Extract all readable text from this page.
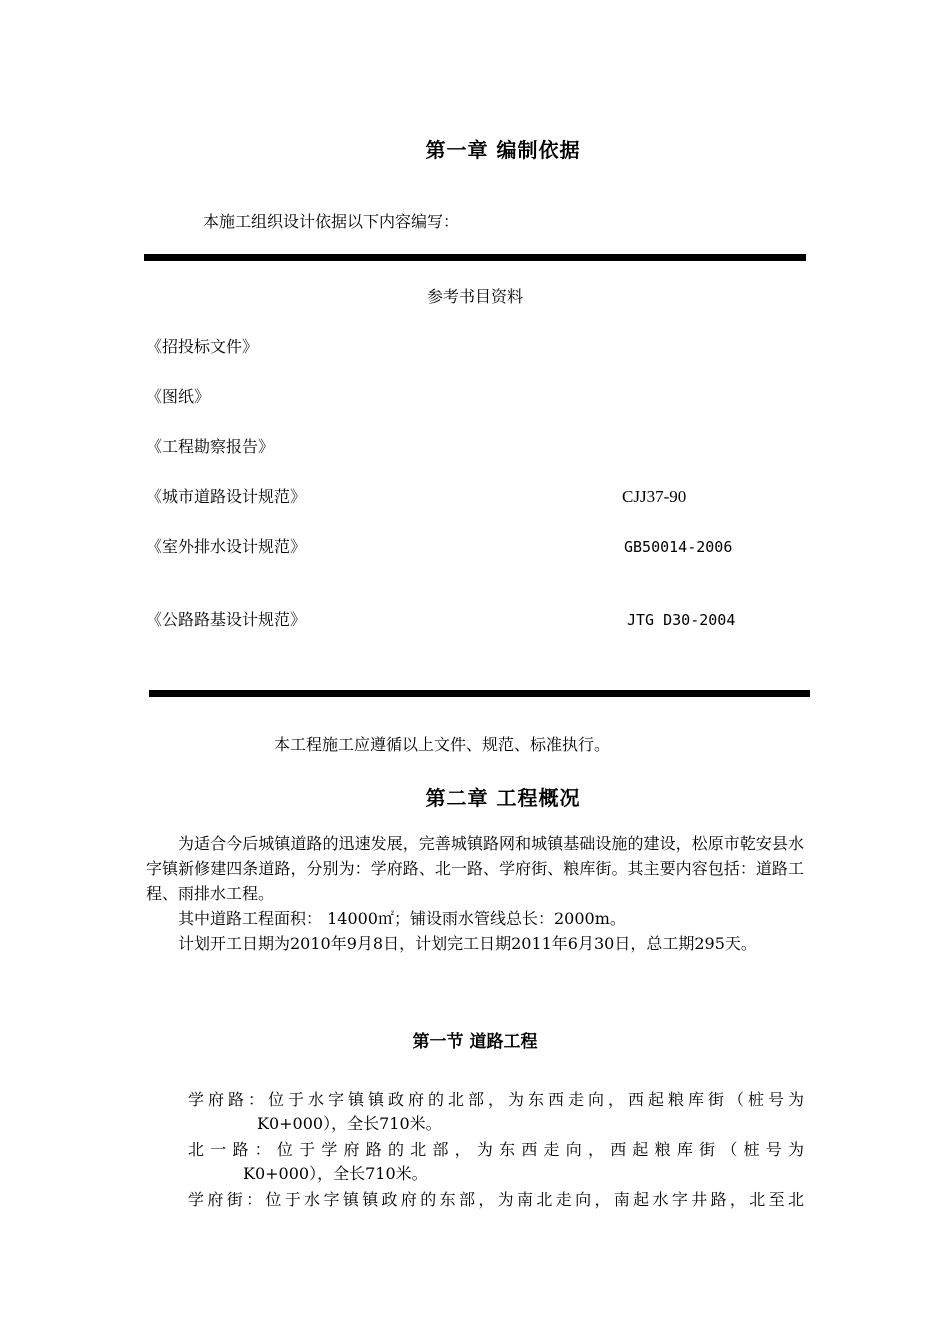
第一章 编制依据
本施工组织设计依据以下内容编写：
参考书目资料
《招投标文件》
《图纸》
《工程勘察报告》
《城市道路设计规范》	CJJ37-90
《室外排水设计规范》	GB50014-2006
《公路路基设计规范》	JTG D30-2004
本工程施工应遵循以上文件、规范、标准执行。
第二章 工程概况
为适合今后城镇道路的迅速发展，完善城镇路网和城镇基础设施的建设，松原市乾安县水字镇新修建四条道路，分别为：学府路、北一路、学府街、粮库街。其主要内容包括：道路工程、雨排水工程。
其中道路工程面积： 14000㎡；铺设雨水管线总长：2000m。
计划开工日期为2010年9月8日，计划完工日期2011年6月30日，总工期295天。
第一节 道路工程
学府路：位于水字镇镇政府的北部，为东西走向，西起粮库街（桩号为
K0+000），全长710米。
北一路：位于学府路的北部，为东西走向，西起粮库街（桩号为
K0+000），全长710米。
学府街：位于水字镇镇政府的东部，为南北走向，南起水字井路，北至北
